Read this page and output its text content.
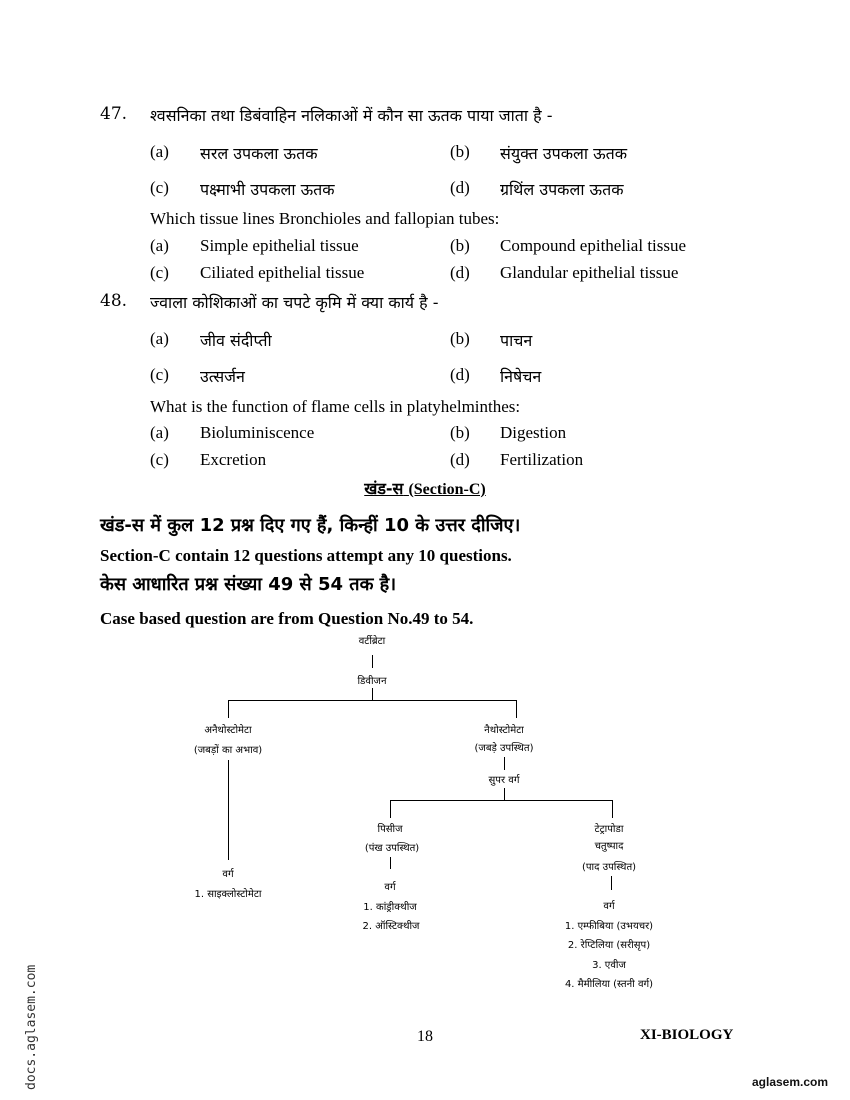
47. श्वसनिका तथा डिबंवाहिन नलिकाओं में कौन सा ऊतक पाया जाता है -
(a) सरल उपकला ऊतक	(b) संयुक्त उपकला ऊतक
(c) पक्ष्माभी उपकला ऊतक	(d) ग्रथिंल उपकला ऊतक
Which tissue lines Bronchioles and fallopian tubes:
(a) Simple epithelial tissue	(b) Compound epithelial tissue
(c) Ciliated epithelial tissue	(d) Glandular epithelial tissue
48. ज्वाला कोशिकाओं का चपटे कृमि में क्या कार्य है -
(a) जीव संदीप्ती	(b) पाचन
(c) उत्सर्जन	(d) निषेचन
What is the function of flame cells in platyhelminthes:
(a) Bioluminiscence	(b) Digestion
(c) Excretion	(d) Fertilization
खंड-स (Section-C)
खंड-स में कुल 12 प्रश्न दिए गए हैं, किन्हीं 10 के उत्तर दीजिए।
Section-C contain 12 questions attempt any 10 questions.
केस आधारित प्रश्न संख्या 49 से 54 तक है।
Case based question are from Question No.49 to 54.
वर्टीब्रेटा
डिवीजन
अनैथोस्टोमेटा
(जबड़ों का अभाव)
वर्ग
1. साइक्लोस्टोमेटा
नैथोस्टोमेटा
(जबड़े उपस्थित)
सुपर वर्ग
पिसीज
(पंख उपस्थित)
वर्ग
1. कांड्रीक्थीज
2. ऑस्टिक्थीज
टेट्रापोडा
चतुष्पाद
(पाद उपस्थित)
वर्ग
1. एम्फीबिया (उभयचर)
2. रेप्टिलिया (सरीसृप)
3. एवीज
4. मैमीलिया (स्तनी वर्ग)
18	XI-BIOLOGY
docs.aglasem.com	aglasem.com
